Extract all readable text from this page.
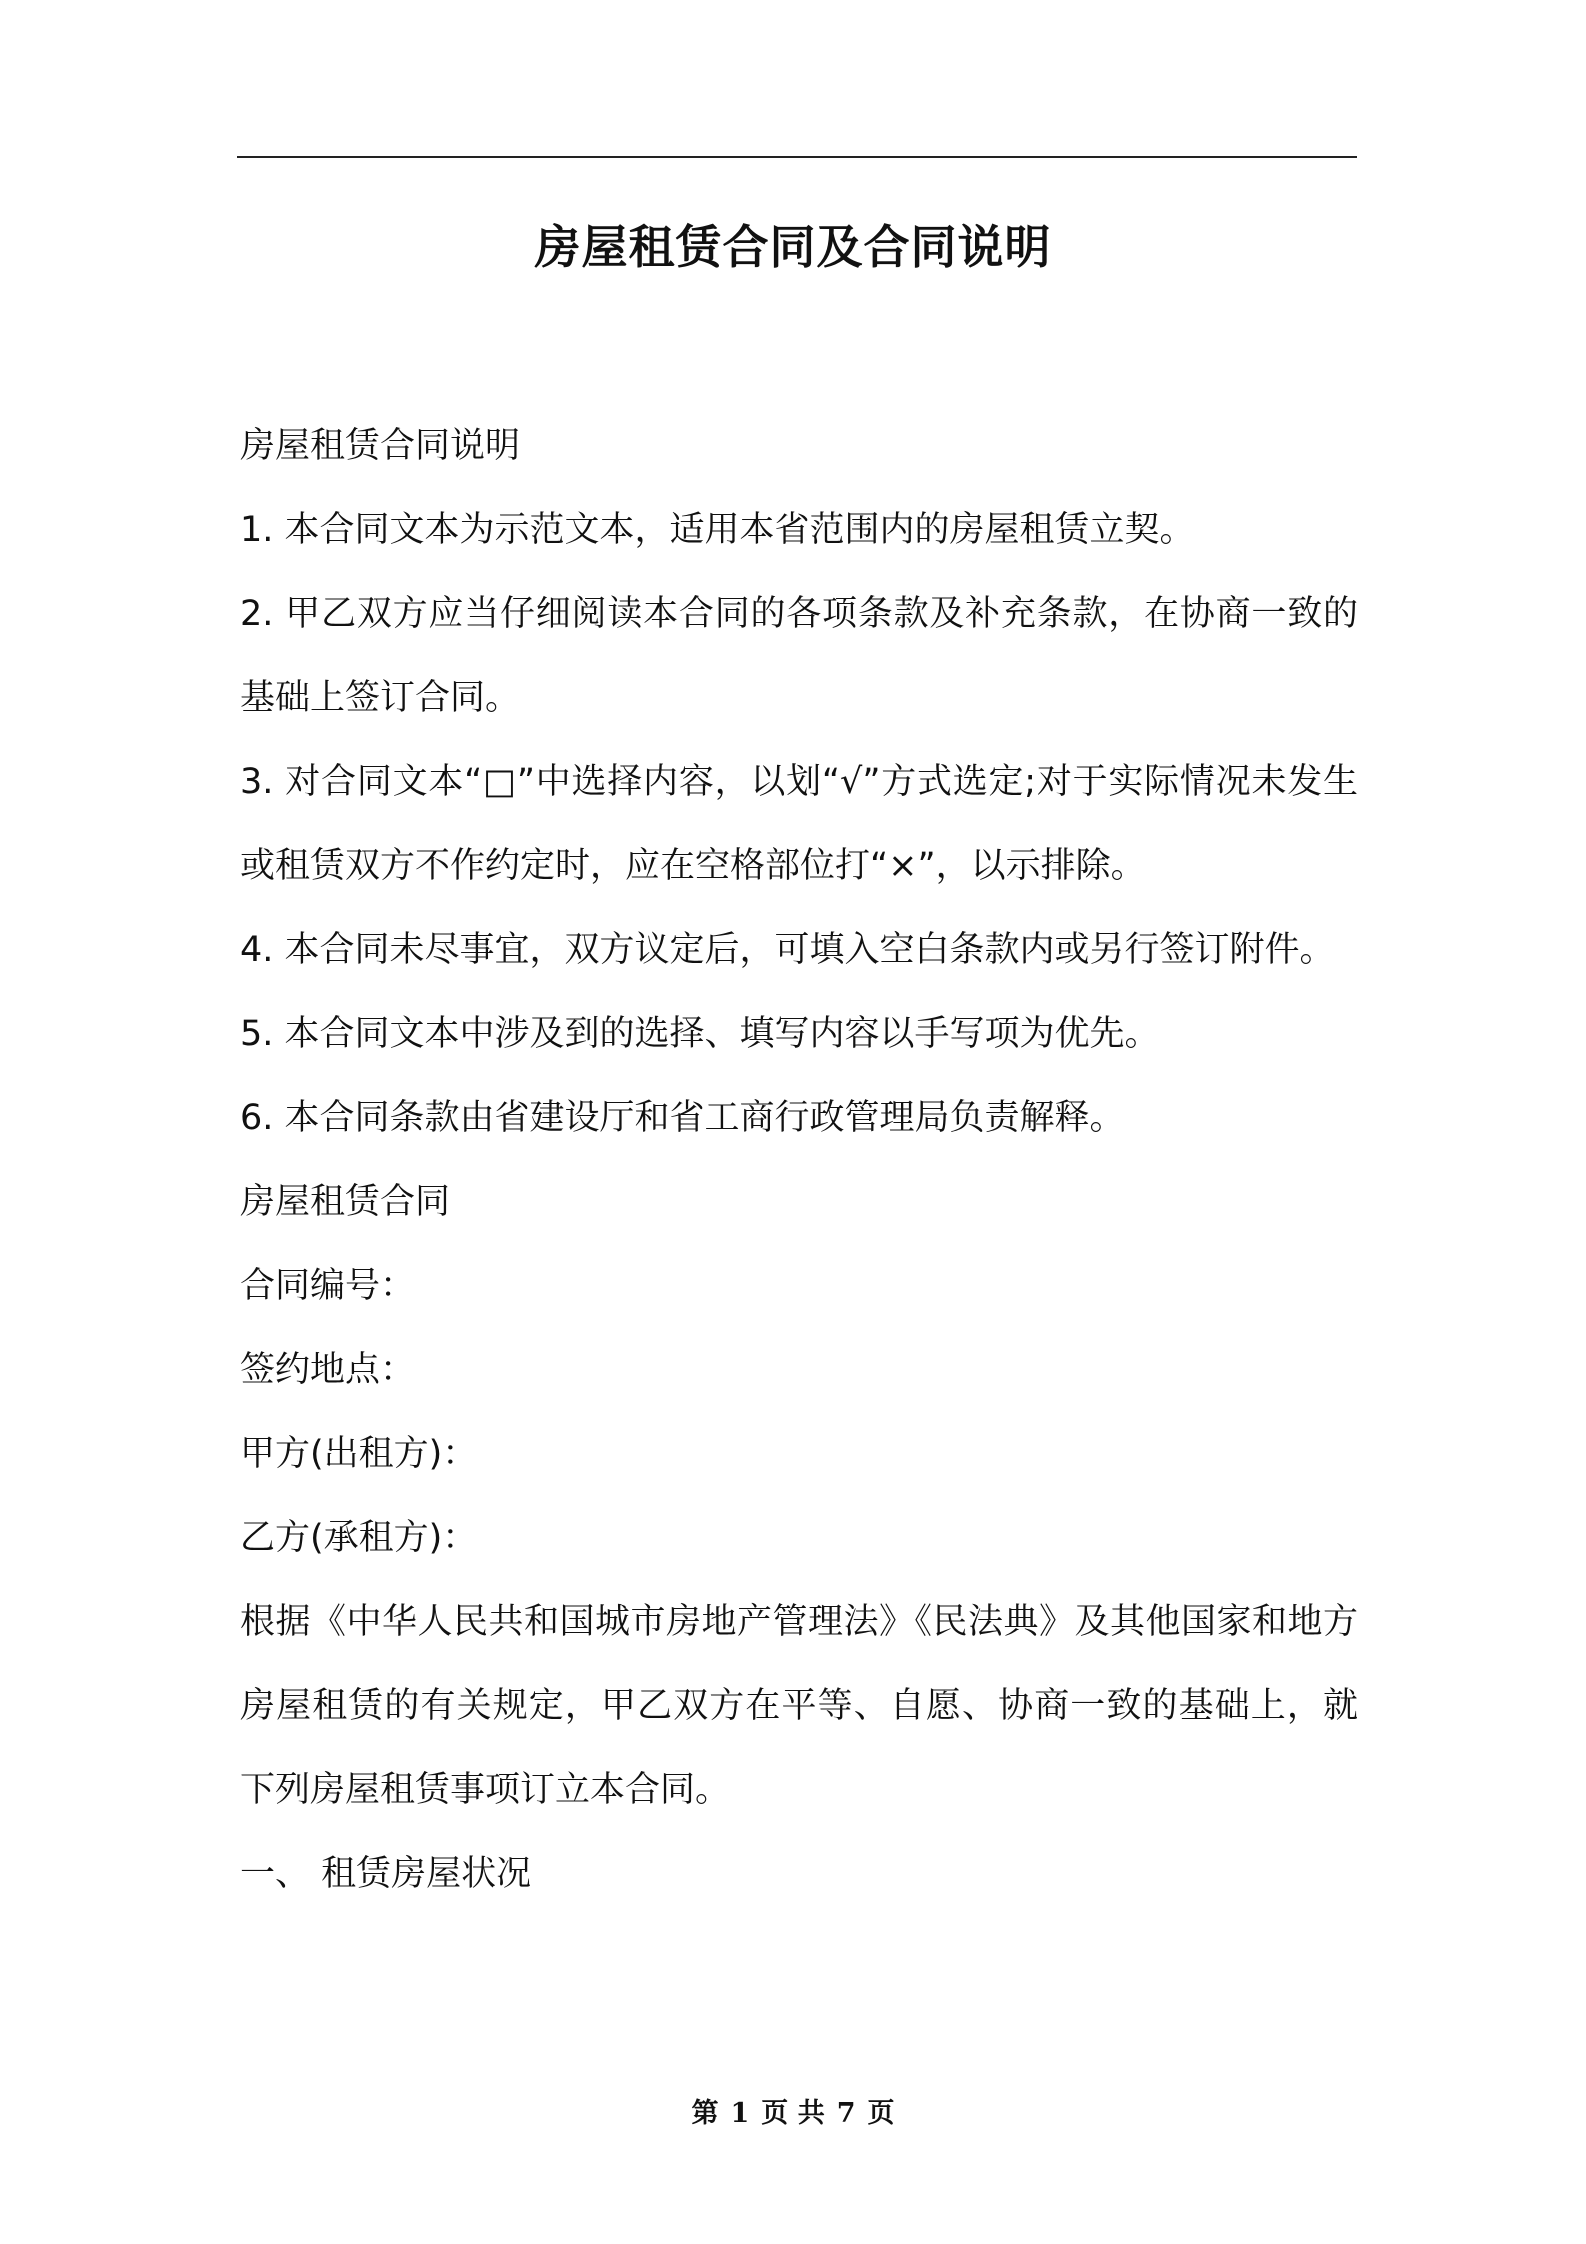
房屋租赁合同及合同说明
房屋租赁合同说明
1. 本合同文本为示范文本，适用本省范围内的房屋租赁立契。
2. 甲乙双方应当仔细阅读本合同的各项条款及补充条款，在协商一致的基础上签订合同。
3. 对合同文本“□”中选择内容，以划“√”方式选定;对于实际情况未发生或租赁双方不作约定时，应在空格部位打“×”，以示排除。
4. 本合同未尽事宜，双方议定后，可填入空白条款内或另行签订附件。
5. 本合同文本中涉及到的选择、填写内容以手写项为优先。
6. 本合同条款由省建设厅和省工商行政管理局负责解释。
房屋租赁合同
合同编号：
签约地点：
甲方(出租方)：
乙方(承租方)：
根据《中华人民共和国城市房地产管理法》《民法典》及其他国家和地方房屋租赁的有关规定，甲乙双方在平等、自愿、协商一致的基础上，就下列房屋租赁事项订立本合同。
一、 租赁房屋状况
第 1 页 共 7 页
